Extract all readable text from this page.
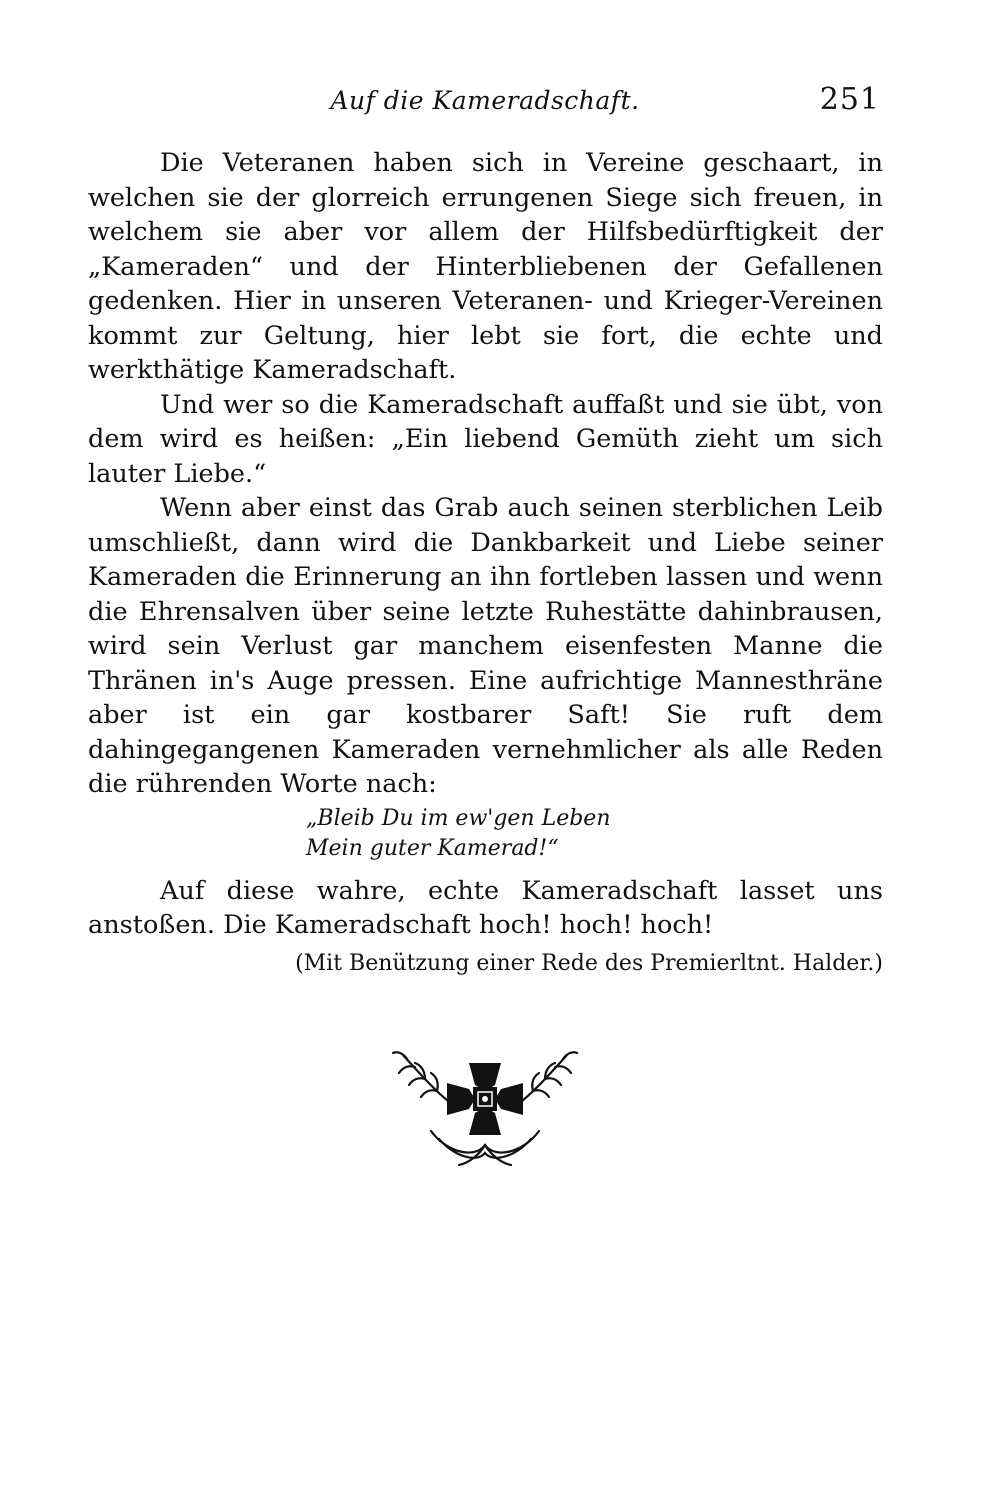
Auf die Kameradschaft.	251

Die Veteranen haben sich in Vereine geschaart, in welchen sie der glorreich errungenen Siege sich freuen, in welchem sie aber vor allem der Hilfsbedürftigkeit der „Kameraden“ und der Hinterbliebenen der Gefallenen gedenken. Hier in unseren Veteranen- und Krieger-Vereinen kommt zur Geltung, hier lebt sie fort, die echte und werkthätige Kameradschaft.

Und wer so die Kameradschaft auffaßt und sie übt, von dem wird es heißen: „Ein liebend Gemüth zieht um sich lauter Liebe.“

Wenn aber einst das Grab auch seinen sterblichen Leib umschließt, dann wird die Dankbarkeit und Liebe seiner Kameraden die Erinnerung an ihn fortleben lassen und wenn die Ehrensalven über seine letzte Ruhestätte dahinbrausen, wird sein Verlust gar manchem eisenfesten Manne die Thränen in's Auge pressen. Eine aufrichtige Mannesthräne aber ist ein gar kostbarer Saft! Sie ruft dem dahingegangenen Kameraden vernehmlicher als alle Reden die rührenden Worte nach:

„Bleib Du im ew'gen Leben
Mein guter Kamerad!“

Auf diese wahre, echte Kameradschaft lasset uns anstoßen. Die Kameradschaft hoch! hoch! hoch!

(Mit Benützung einer Rede des Premierltnt. Halder.)
